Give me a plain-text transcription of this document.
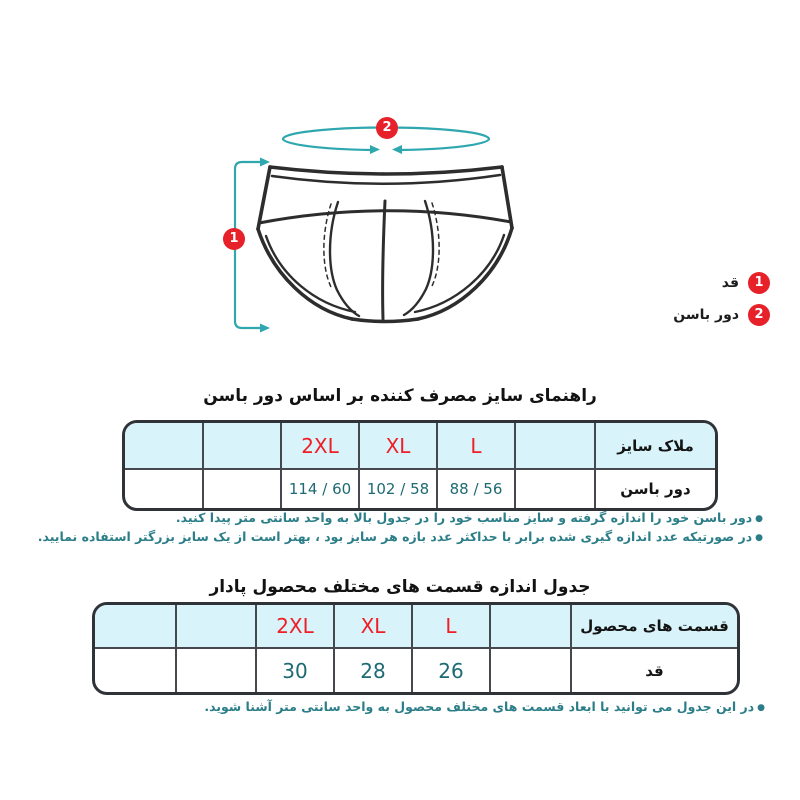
1
2
1
قد
2
دور باسن
راهنمای سایز مصرف کننده بر اساس دور باسن
		2XL	XL	L		ملاک سایز
		114 / 60	102 / 58	88 / 56		دور باسن
●دور باسن خود را اندازه گرفته و سایز مناسب خود را در جدول بالا به واحد سانتی متر پیدا کنید.
●در صورتیکه عدد اندازه گیری شده برابر با حداکثر عدد بازه هر سایز بود ، بهتر است از یک سایز بزرگتر استفاده نمایید.
جدول اندازه قسمت های مختلف محصول پادار
		2XL	XL	L		قسمت های محصول
		30	28	26		قد
●در این جدول می توانید با ابعاد قسمت های مختلف محصول به واحد سانتی متر آشنا شوید.
